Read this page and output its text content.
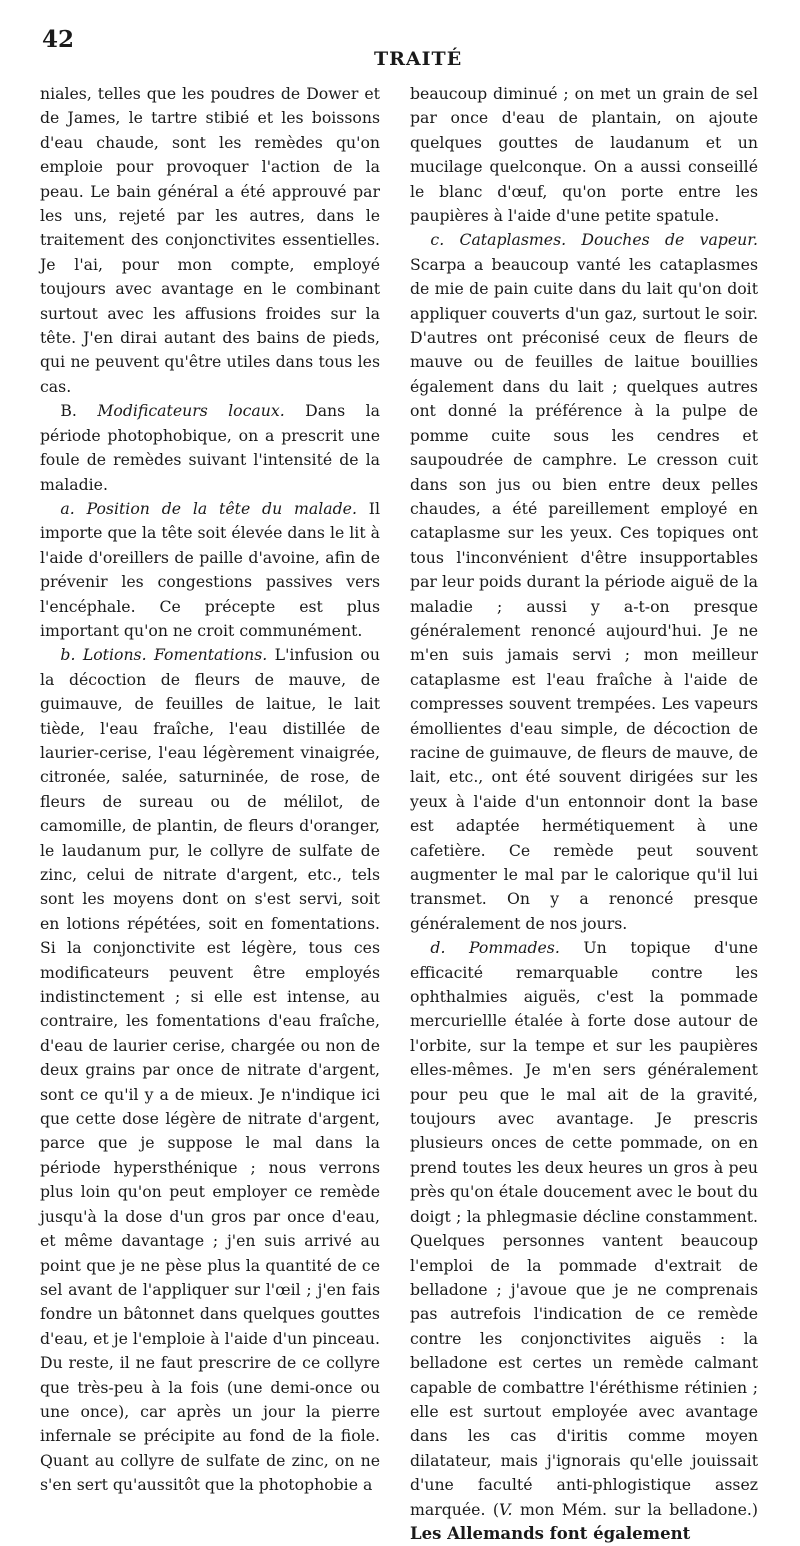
42
TRAITÉ

niales, telles que les poudres de Dower et de James, le tartre stibié et les boissons d'eau chaude, sont les remèdes qu'on emploie pour provoquer l'action de la peau. Le bain général a été approuvé par les uns, rejeté par les autres, dans le traitement des conjonctivites essentielles. Je l'ai, pour mon compte, employé toujours avec avantage en le combinant surtout avec les affusions froides sur la tête. J'en dirai autant des bains de pieds, qui ne peuvent qu'être utiles dans tous les cas.

B. Modificateurs locaux. Dans la période photophobique, on a prescrit une foule de remèdes suivant l'intensité de la maladie.

a. Position de la tête du malade. Il importe que la tête soit élevée dans le lit à l'aide d'oreillers de paille d'avoine, afin de prévenir les congestions passives vers l'encéphale. Ce précepte est plus important qu'on ne croit communément.

b. Lotions. Fomentations. L'infusion ou la décoction de fleurs de mauve, de guimauve, de feuilles de laitue, le lait tiède, l'eau fraîche, l'eau distillée de laurier-cerise, l'eau légèrement vinaigrée, citronée, salée, saturninée, de rose, de fleurs de sureau ou de mélilot, de camomille, de plantin, de fleurs d'oranger, le laudanum pur, le collyre de sulfate de zinc, celui de nitrate d'argent, etc., tels sont les moyens dont on s'est servi, soit en lotions répétées, soit en fomentations. Si la conjonctivite est légère, tous ces modificateurs peuvent être employés indistinctement ; si elle est intense, au contraire, les fomentations d'eau fraîche, d'eau de laurier cerise, chargée ou non de deux grains par once de nitrate d'argent, sont ce qu'il y a de mieux. Je n'indique ici que cette dose légère de nitrate d'argent, parce que je suppose le mal dans la période hypersthénique ; nous verrons plus loin qu'on peut employer ce remède jusqu'à la dose d'un gros par once d'eau, et même davantage ; j'en suis arrivé au point que je ne pèse plus la quantité de ce sel avant de l'appliquer sur l'œil ; j'en fais fondre un bâtonnet dans quelques gouttes d'eau, et je l'emploie à l'aide d'un pinceau. Du reste, il ne faut prescrire de ce collyre que très-peu à la fois (une demi-once ou une once), car après un jour la pierre infernale se précipite au fond de la fiole. Quant au collyre de sulfate de zinc, on ne s'en sert qu'aussitôt que la photophobie a

beaucoup diminué ; on met un grain de sel par once d'eau de plantain, on ajoute quelques gouttes de laudanum et un mucilage quelconque. On a aussi conseillé le blanc d'œuf, qu'on porte entre les paupières à l'aide d'une petite spatule.

c. Cataplasmes. Douches de vapeur. Scarpa a beaucoup vanté les cataplasmes de mie de pain cuite dans du lait qu'on doit appliquer couverts d'un gaz, surtout le soir. D'autres ont préconisé ceux de fleurs de mauve ou de feuilles de laitue bouillies également dans du lait ; quelques autres ont donné la préférence à la pulpe de pomme cuite sous les cendres et saupoudrée de camphre. Le cresson cuit dans son jus ou bien entre deux pelles chaudes, a été pareillement employé en cataplasme sur les yeux. Ces topiques ont tous l'inconvénient d'être insupportables par leur poids durant la période aiguë de la maladie ; aussi y a-t-on presque généralement renoncé aujourd'hui. Je ne m'en suis jamais servi ; mon meilleur cataplasme est l'eau fraîche à l'aide de compresses souvent trempées. Les vapeurs émollientes d'eau simple, de décoction de racine de guimauve, de fleurs de mauve, de lait, etc., ont été souvent dirigées sur les yeux à l'aide d'un entonnoir dont la base est adaptée hermétiquement à une cafetière. Ce remède peut souvent augmenter le mal par le calorique qu'il lui transmet. On y a renoncé presque généralement de nos jours.

d. Pommades. Un topique d'une efficacité remarquable contre les ophthalmies aiguës, c'est la pommade mercuriellle étalée à forte dose autour de l'orbite, sur la tempe et sur les paupières elles-mêmes. Je m'en sers généralement pour peu que le mal ait de la gravité, toujours avec avantage. Je prescris plusieurs onces de cette pommade, on en prend toutes les deux heures un gros à peu près qu'on étale doucement avec le bout du doigt ; la phlegmasie décline constamment. Quelques personnes vantent beaucoup l'emploi de la pommade d'extrait de belladone ; j'avoue que je ne comprenais pas autrefois l'indication de ce remède contre les conjonctivites aiguës : la belladone est certes un remède calmant capable de combattre l'éréthisme rétinien ; elle est surtout employée avec avantage dans les cas d'iritis comme moyen dilatateur, mais j'ignorais qu'elle jouissait d'une faculté anti-phlogistique assez marquée. (V. mon Mém. sur la belladone.) Les Allemands font également
